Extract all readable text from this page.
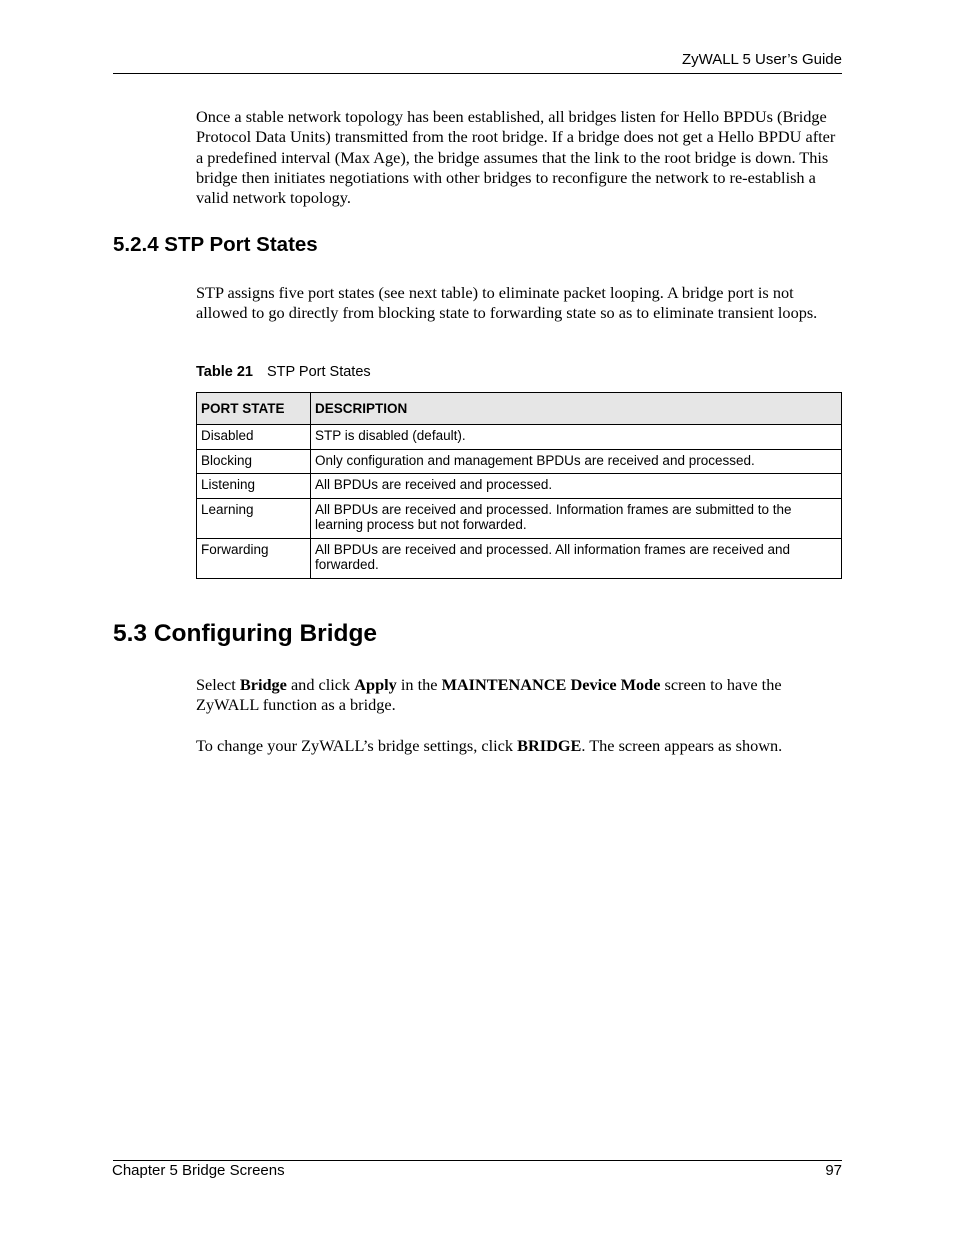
ZyWALL 5 User’s Guide

Once a stable network topology has been established, all bridges listen for Hello BPDUs (Bridge Protocol Data Units) transmitted from the root bridge. If a bridge does not get a Hello BPDU after a predefined interval (Max Age), the bridge assumes that the link to the root bridge is down. This bridge then initiates negotiations with other bridges to reconfigure the network to re-establish a valid network topology.

5.2.4 STP Port States

STP assigns five port states (see next table) to eliminate packet looping. A bridge port is not allowed to go directly from blocking state to forwarding state so as to eliminate transient loops.

Table 21 STP Port States
PORT STATE	DESCRIPTION
Disabled	STP is disabled (default).
Blocking	Only configuration and management BPDUs are received and processed.
Listening	All BPDUs are received and processed.
Learning	All BPDUs are received and processed. Information frames are submitted to the learning process but not forwarded.
Forwarding	All BPDUs are received and processed. All information frames are received and forwarded.
5.3 Configuring Bridge

Select Bridge and click Apply in the MAINTENANCE Device Mode screen to have the ZyWALL function as a bridge.

To change your ZyWALL’s bridge settings, click BRIDGE. The screen appears as shown.

Chapter 5 Bridge Screens	97
